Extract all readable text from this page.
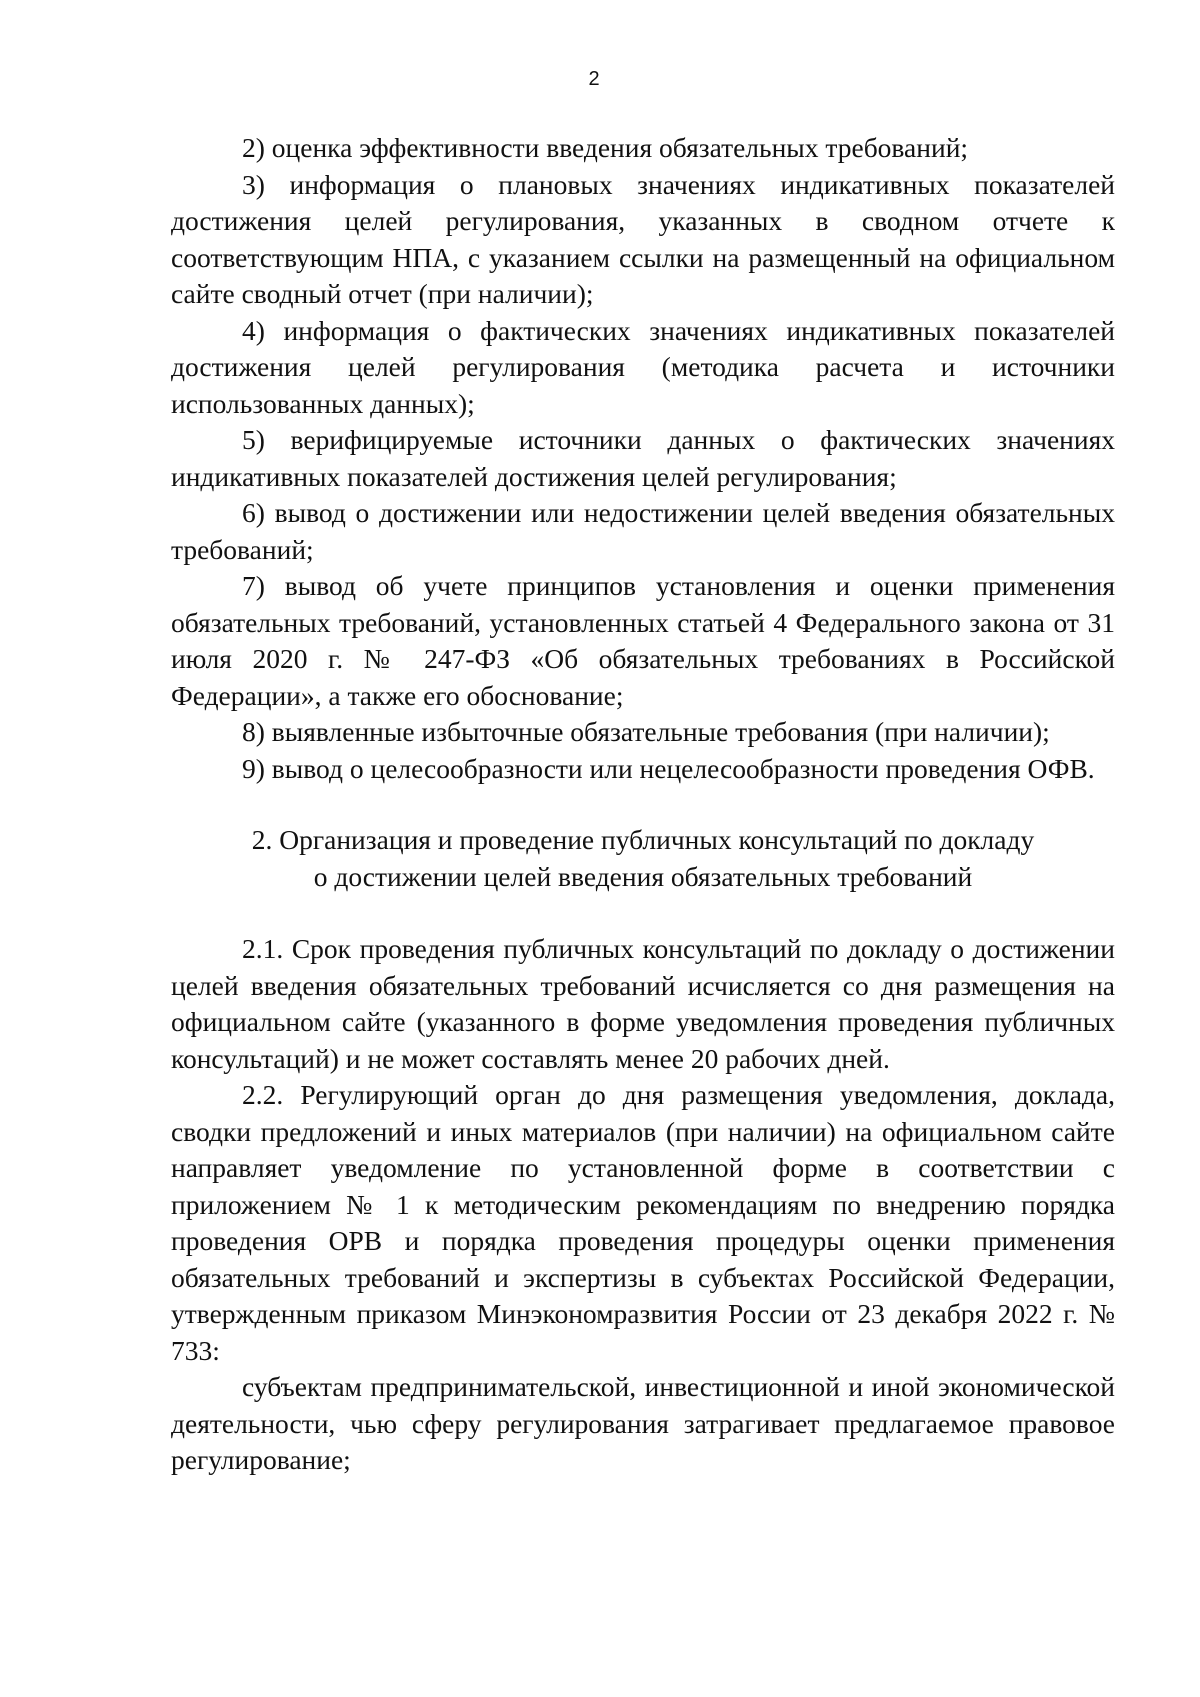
2

2) оценка эффективности введения обязательных требований;

3) информация о плановых значениях индикативных показателей достижения целей регулирования, указанных в сводном отчете к соответствующим НПА, с указанием ссылки на размещенный на официальном сайте сводный отчет (при наличии);

4) информация о фактических значениях индикативных показателей достижения целей регулирования (методика расчета и источники использованных данных);

5) верифицируемые источники данных о фактических значениях индикативных показателей достижения целей регулирования;

6) вывод о достижении или недостижении целей введения обязательных требований;

7) вывод об учете принципов установления и оценки применения обязательных требований, установленных статьей 4 Федерального закона от 31 июля 2020 г. № 247-ФЗ «Об обязательных требованиях в Российской Федерации», а также его обоснование;

8) выявленные избыточные обязательные требования (при наличии);

9) вывод о целесообразности или нецелесообразности проведения ОФВ.

2. Организация и проведение публичных консультаций по докладу
о достижении целей введения обязательных требований

2.1. Срок проведения публичных консультаций по докладу о достижении целей введения обязательных требований исчисляется со дня размещения на официальном сайте (указанного в форме уведомления проведения публичных консультаций) и не может составлять менее 20 рабочих дней.

2.2. Регулирующий орган до дня размещения уведомления, доклада, сводки предложений и иных материалов (при наличии) на официальном сайте направляет уведомление по установленной форме в соответствии с приложением № 1 к методическим рекомендациям по внедрению порядка проведения ОРВ и порядка проведения процедуры оценки применения обязательных требований и экспертизы в субъектах Российской Федерации, утвержденным приказом Минэкономразвития России от 23 декабря 2022 г. № 733:

субъектам предпринимательской, инвестиционной и иной экономической деятельности, чью сферу регулирования затрагивает предлагаемое правовое регулирование;
